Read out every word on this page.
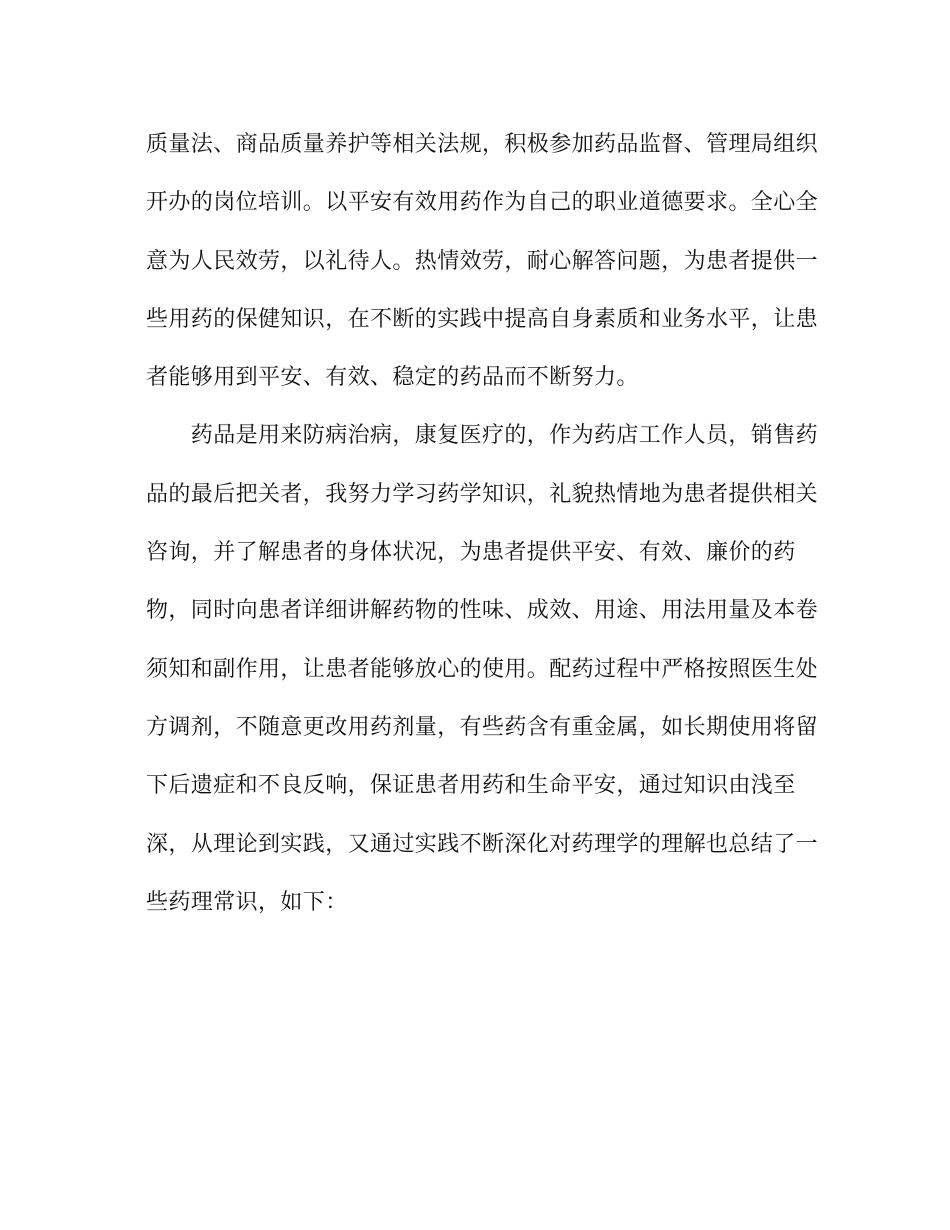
质量法、商品质量养护等相关法规，积极参加药品监督、管理局组织
开办的岗位培训。以平安有效用药作为自己的职业道德要求。全心全
意为人民效劳，以礼待人。热情效劳，耐心解答问题，为患者提供一
些用药的保健知识，在不断的实践中提高自身素质和业务水平，让患
者能够用到平安、有效、稳定的药品而不断努力。
　　药品是用来防病治病，康复医疗的，作为药店工作人员，销售药
品的最后把关者，我努力学习药学知识，礼貌热情地为患者提供相关
咨询，并了解患者的身体状况，为患者提供平安、有效、廉价的药
物，同时向患者详细讲解药物的性味、成效、用途、用法用量及本卷
须知和副作用，让患者能够放心的使用。配药过程中严格按照医生处
方调剂，不随意更改用药剂量，有些药含有重金属，如长期使用将留
下后遗症和不良反响，保证患者用药和生命平安，通过知识由浅至
深，从理论到实践，又通过实践不断深化对药理学的理解也总结了一
些药理常识，如下：
